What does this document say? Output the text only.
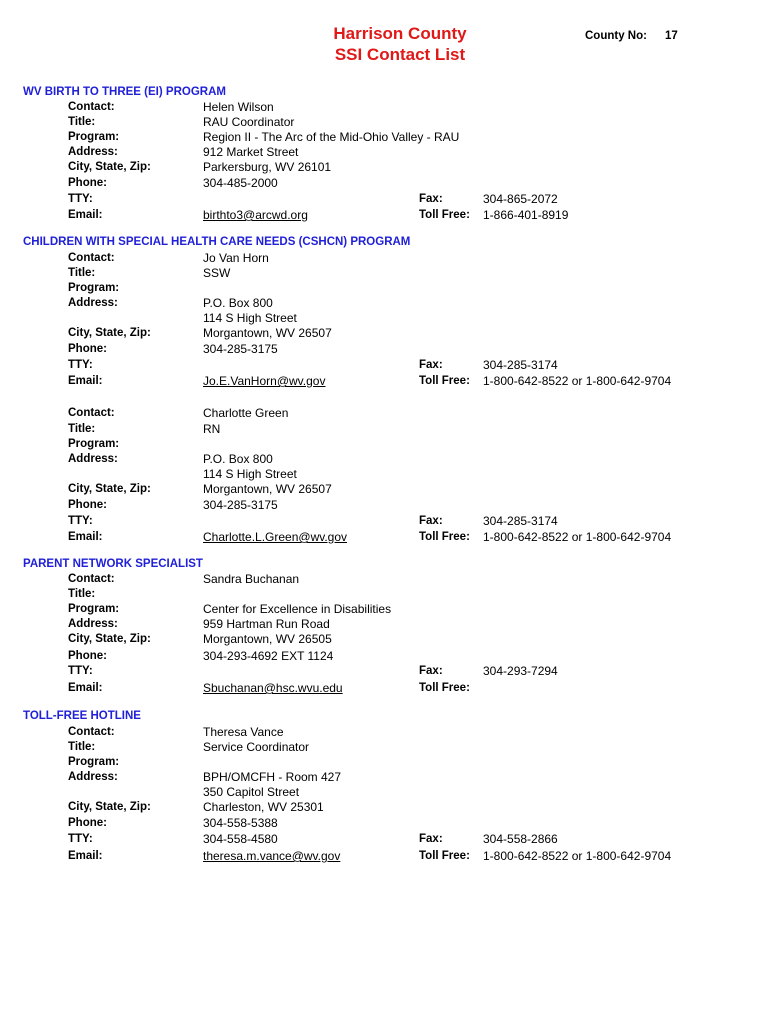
Harrison County
SSI Contact List
County No: 17
WV BIRTH TO THREE (EI) PROGRAM
Contact:	Helen Wilson
Title:	RAU Coordinator
Program:	Region II - The Arc of the Mid-Ohio Valley - RAU
Address:	912 Market Street
City, State, Zip:	Parkersburg, WV 26101
Phone:	304-485-2000
TTY:	Fax:	304-865-2072
Email:	birthto3@arcwd.org	Toll Free: 1-866-401-8919
CHILDREN WITH SPECIAL HEALTH CARE NEEDS (CSHCN) PROGRAM
Contact:	Jo Van Horn
Title:	SSW
Program:
Address:	P.O. Box 800
114 S High Street
City, State, Zip:	Morgantown, WV 26507
Phone:	304-285-3175
TTY:	Fax:	304-285-3174
Email:	Jo.E.VanHorn@wv.gov	Toll Free: 1-800-642-8522 or 1-800-642-9704
Contact:	Charlotte Green
Title:	RN
Program:
Address:	P.O. Box 800
114 S High Street
City, State, Zip:	Morgantown, WV 26507
Phone:	304-285-3175
TTY:	Fax:	304-285-3174
Email:	Charlotte.L.Green@wv.gov	Toll Free: 1-800-642-8522 or 1-800-642-9704
PARENT NETWORK SPECIALIST
Contact:	Sandra Buchanan
Title:
Program:	Center for Excellence in Disabilities
Address:	959 Hartman Run Road
City, State, Zip:	Morgantown, WV 26505
Phone:	304-293-4692 EXT 1124
TTY:	Fax:	304-293-7294
Email:	Sbuchanan@hsc.wvu.edu	Toll Free:
TOLL-FREE HOTLINE
Contact:	Theresa Vance
Title:	Service Coordinator
Program:
Address:	BPH/OMCFH - Room 427
350 Capitol Street
City, State, Zip:	Charleston, WV 25301
Phone:	304-558-5388
TTY:	304-558-4580	Fax:	304-558-2866
Email:	theresa.m.vance@wv.gov	Toll Free: 1-800-642-8522 or 1-800-642-9704
